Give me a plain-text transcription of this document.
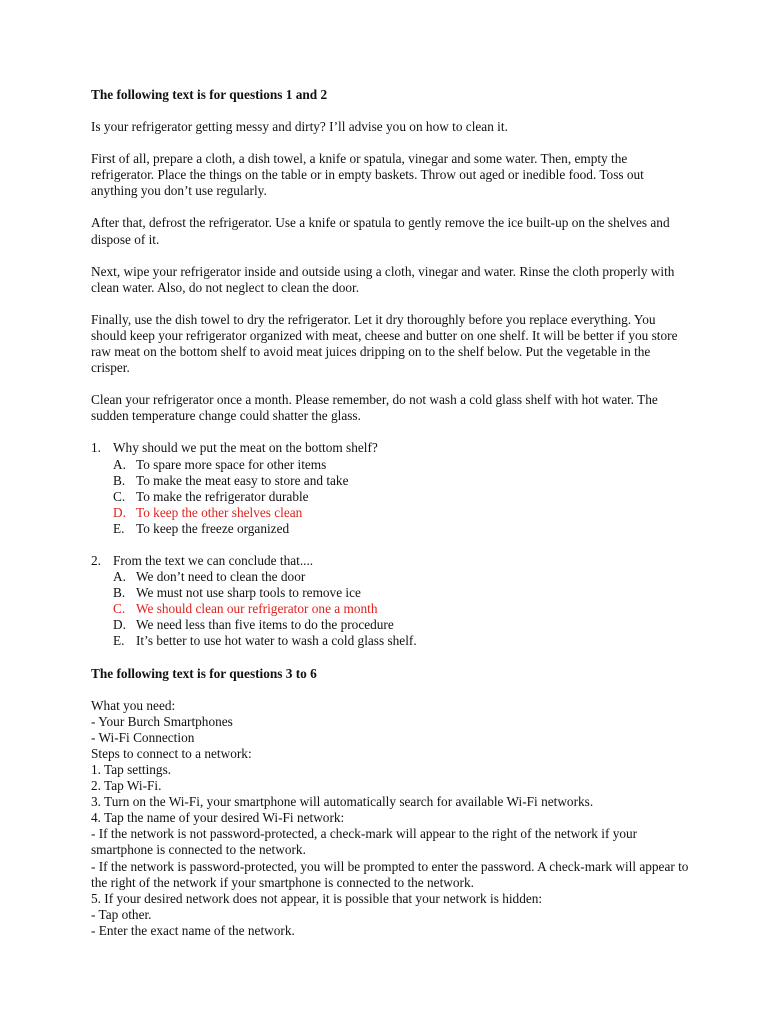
The following text is for questions 1 and 2

Is your refrigerator getting messy and dirty? I’ll advise you on how to clean it.

First of all, prepare a cloth, a dish towel, a knife or spatula, vinegar and some water. Then, empty the refrigerator. Place the things on the table or in empty baskets. Throw out aged or inedible food. Toss out anything you don’t use regularly.

After that, defrost the refrigerator. Use a knife or spatula to gently remove the ice built-up on the shelves and dispose of it.

Next, wipe your refrigerator inside and outside using a cloth, vinegar and water. Rinse the cloth properly with clean water. Also, do not neglect to clean the door.

Finally, use the dish towel to dry the refrigerator. Let it dry thoroughly before you replace everything. You should keep your refrigerator organized with meat, cheese and butter on one shelf. It will be better if you store raw meat on the bottom shelf to avoid meat juices dripping on to the shelf below. Put the vegetable in the crisper.

Clean your refrigerator once a month. Please remember, do not wash a cold glass shelf with hot water. The sudden temperature change could shatter the glass.

1. Why should we put the meat on the bottom shelf?
A. To spare more space for other items
B. To make the meat easy to store and take
C. To make the refrigerator durable
D. To keep the other shelves clean
E. To keep the freeze organized
2. From the text we can conclude that....
A. We don’t need to clean the door
B. We must not use sharp tools to remove ice
C. We should clean our refrigerator one a month
D. We need less than five items to do the procedure
E. It’s better to use hot water to wash a cold glass shelf.

The following text is for questions 3 to 6

What you need:

- Your Burch Smartphones

- Wi-Fi Connection

Steps to connect to a network:

1. Tap settings.

2. Tap Wi-Fi.

3. Turn on the Wi-Fi, your smartphone will automatically search for available Wi-Fi networks.

4. Tap the name of your desired Wi-Fi network:

- If the network is not password-protected, a check-mark will appear to the right of the network if your smartphone is connected to the network.

- If the network is password-protected, you will be prompted to enter the password. A check-mark will appear to the right of the network if your smartphone is connected to the network.

5. If your desired network does not appear, it is possible that your network is hidden:

- Tap other.

- Enter the exact name of the network.
